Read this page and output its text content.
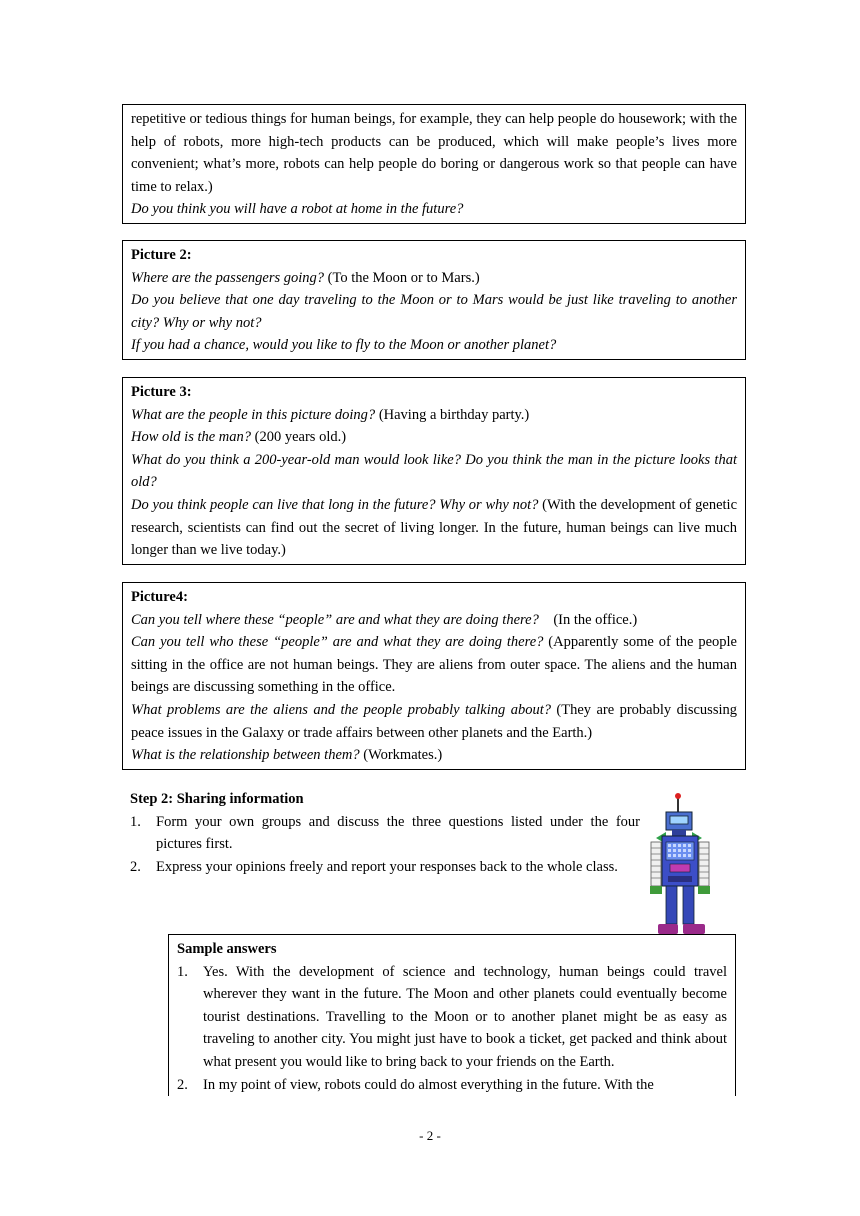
repetitive or tedious things for human beings, for example, they can help people do housework; with the help of robots, more high-tech products can be produced, which will make people’s lives more convenient; what’s more, robots can help people do boring or dangerous work so that people can have time to relax.)

Do you think you will have a robot at home in the future?

Picture 2:

Where are the passengers going? (To the Moon or to Mars.)

Do you believe that one day traveling to the Moon or to Mars would be just like traveling to another city? Why or why not?

If you had a chance, would you like to fly to the Moon or another planet?

Picture 3:

What are the people in this picture doing? (Having a birthday party.)

How old is the man? (200 years old.)

What do you think a 200-year-old man would look like? Do you think the man in the picture looks that old?

Do you think people can live that long in the future? Why or why not? (With the development of genetic research, scientists can find out the secret of living longer. In the future, human beings can live much longer than we live today.)

Picture4:

Can you tell where these “people” are and what they are doing there?    (In the office.)

Can you tell who these “people” are and what they are doing there? (Apparently some of the people sitting in the office are not human beings. They are aliens from outer space. The aliens and the human beings are discussing something in the office.

What problems are the aliens and the people probably talking about? (They are probably discussing peace issues in the Galaxy or trade affairs between other planets and the Earth.)

What is the relationship between them? (Workmates.)

Step 2: Sharing information
1. Form your own groups and discuss the three questions listed under the four pictures first.
2. Express your opinions freely and report your responses back to the whole class.
Sample answers
1. Yes. With the development of science and technology, human beings could travel wherever they want in the future. The Moon and other planets could eventually become tourist destinations. Travelling to the Moon or to another planet might be as easy as traveling to another city. You might just have to book a ticket, get packed and think about what present you would like to bring back to your friends on the Earth.
2. In my point of view, robots could do almost everything in the future. With the
- 2 -
